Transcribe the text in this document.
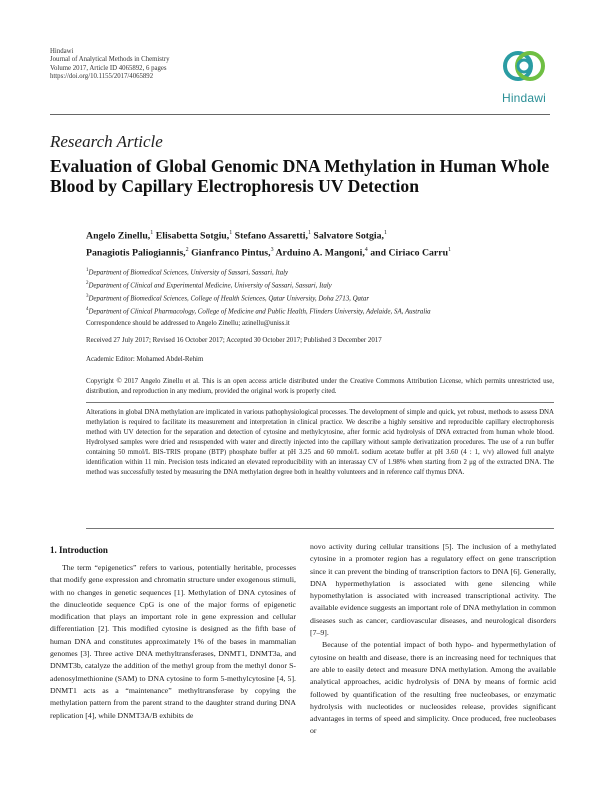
Hindawi
Journal of Analytical Methods in Chemistry
Volume 2017, Article ID 4065892, 6 pages
https://doi.org/10.1155/2017/4065892
Hindawi
Research Article
Evaluation of Global Genomic DNA Methylation in Human Whole Blood by Capillary Electrophoresis UV Detection
Angelo Zinellu,$^1$ Elisabetta Sotgiu,$^1$ Stefano Assaretti,$^1$ Salvatore Sotgia,$^1$
Panagiotis Paliogiannis,$^2$ Gianfranco Pintus,$^3$ Arduino A. Mangoni,$^4$ and Ciriaco Carru$^1$
$^1$Department of Biomedical Sciences, University of Sassari, Sassari, Italy
$^2$Department of Clinical and Experimental Medicine, University of Sassari, Sassari, Italy
$^3$Department of Biomedical Sciences, College of Health Sciences, Qatar University, Doha 2713, Qatar
$^4$Department of Clinical Pharmacology, College of Medicine and Public Health, Flinders University, Adelaide, SA, Australia
Correspondence should be addressed to Angelo Zinellu; azinellu@uniss.it
Received 27 July 2017; Revised 16 October 2017; Accepted 30 October 2017; Published 3 December 2017
Academic Editor: Mohamed Abdel-Rehim
Copyright © 2017 Angelo Zinellu et al. This is an open access article distributed under the Creative Commons Attribution License, which permits unrestricted use, distribution, and reproduction in any medium, provided the original work is properly cited.
Alterations in global DNA methylation are implicated in various pathophysiological processes. The development of simple and quick, yet robust, methods to assess DNA methylation is required to facilitate its measurement and interpretation in clinical practice. We describe a highly sensitive and reproducible capillary electrophoresis method with UV detection for the separation and detection of cytosine and methylcytosine, after formic acid hydrolysis of DNA extracted from human whole blood. Hydrolysed samples were dried and resuspended with water and directly injected into the capillary without sample derivatization procedures. The use of a run buffer containing 50 mmol/L BIS-TRIS propane (BTP) phosphate buffer at pH 3.25 and 60 mmol/L sodium acetate buffer at pH 3.60 (4 : 1, v/v) allowed full analyte identification within 11 min. Precision tests indicated an elevated reproducibility with an interassay CV of 1.98% when starting from 2 μg of the extracted DNA. The method was successfully tested by measuring the DNA methylation degree both in healthy volunteers and in reference calf thymus DNA.
1. Introduction

The term “epigenetics” refers to various, potentially heritable, processes that modify gene expression and chromatin structure under exogenous stimuli, with no changes in genetic sequences [1]. Methylation of DNA cytosines of the dinucleotide sequence CpG is one of the major forms of epigenetic modification that plays an important role in gene expression and cellular differentiation [2]. This modified cytosine is designed as the fifth base of human DNA and constitutes approximately 1% of the bases in mammalian genomes [3]. Three active DNA methyltransferases, DNMT1, DNMT3a, and DNMT3b, catalyze the addition of the methyl group from the methyl donor S-adenosylmethionine (SAM) to DNA cytosine to form 5-methylcytosine [4, 5]. DNMT1 acts as a “maintenance” methyltransferase by copying the methylation pattern from the parent strand to the daughter strand during DNA replication [4], while DNMT3A/B exhibits de

novo activity during cellular transitions [5]. The inclusion of a methylated cytosine in a promoter region has a regulatory effect on gene transcription since it can prevent the binding of transcription factors to DNA [6]. Generally, DNA hypermethylation is associated with gene silencing while hypomethylation is associated with increased transcriptional activity. The available evidence suggests an important role of DNA methylation in common diseases such as cancer, cardiovascular diseases, and neurological disorders [7–9].

Because of the potential impact of both hypo- and hypermethylation of cytosine on health and disease, there is an increasing need for techniques that are able to easily detect and measure DNA methylation. Among the available analytical approaches, acidic hydrolysis of DNA by means of formic acid followed by quantification of the resulting free nucleobases, or enzymatic hydrolysis with nucleotides or nucleosides release, provides significant advantages in terms of speed and simplicity. Once produced, free nucleobases or
